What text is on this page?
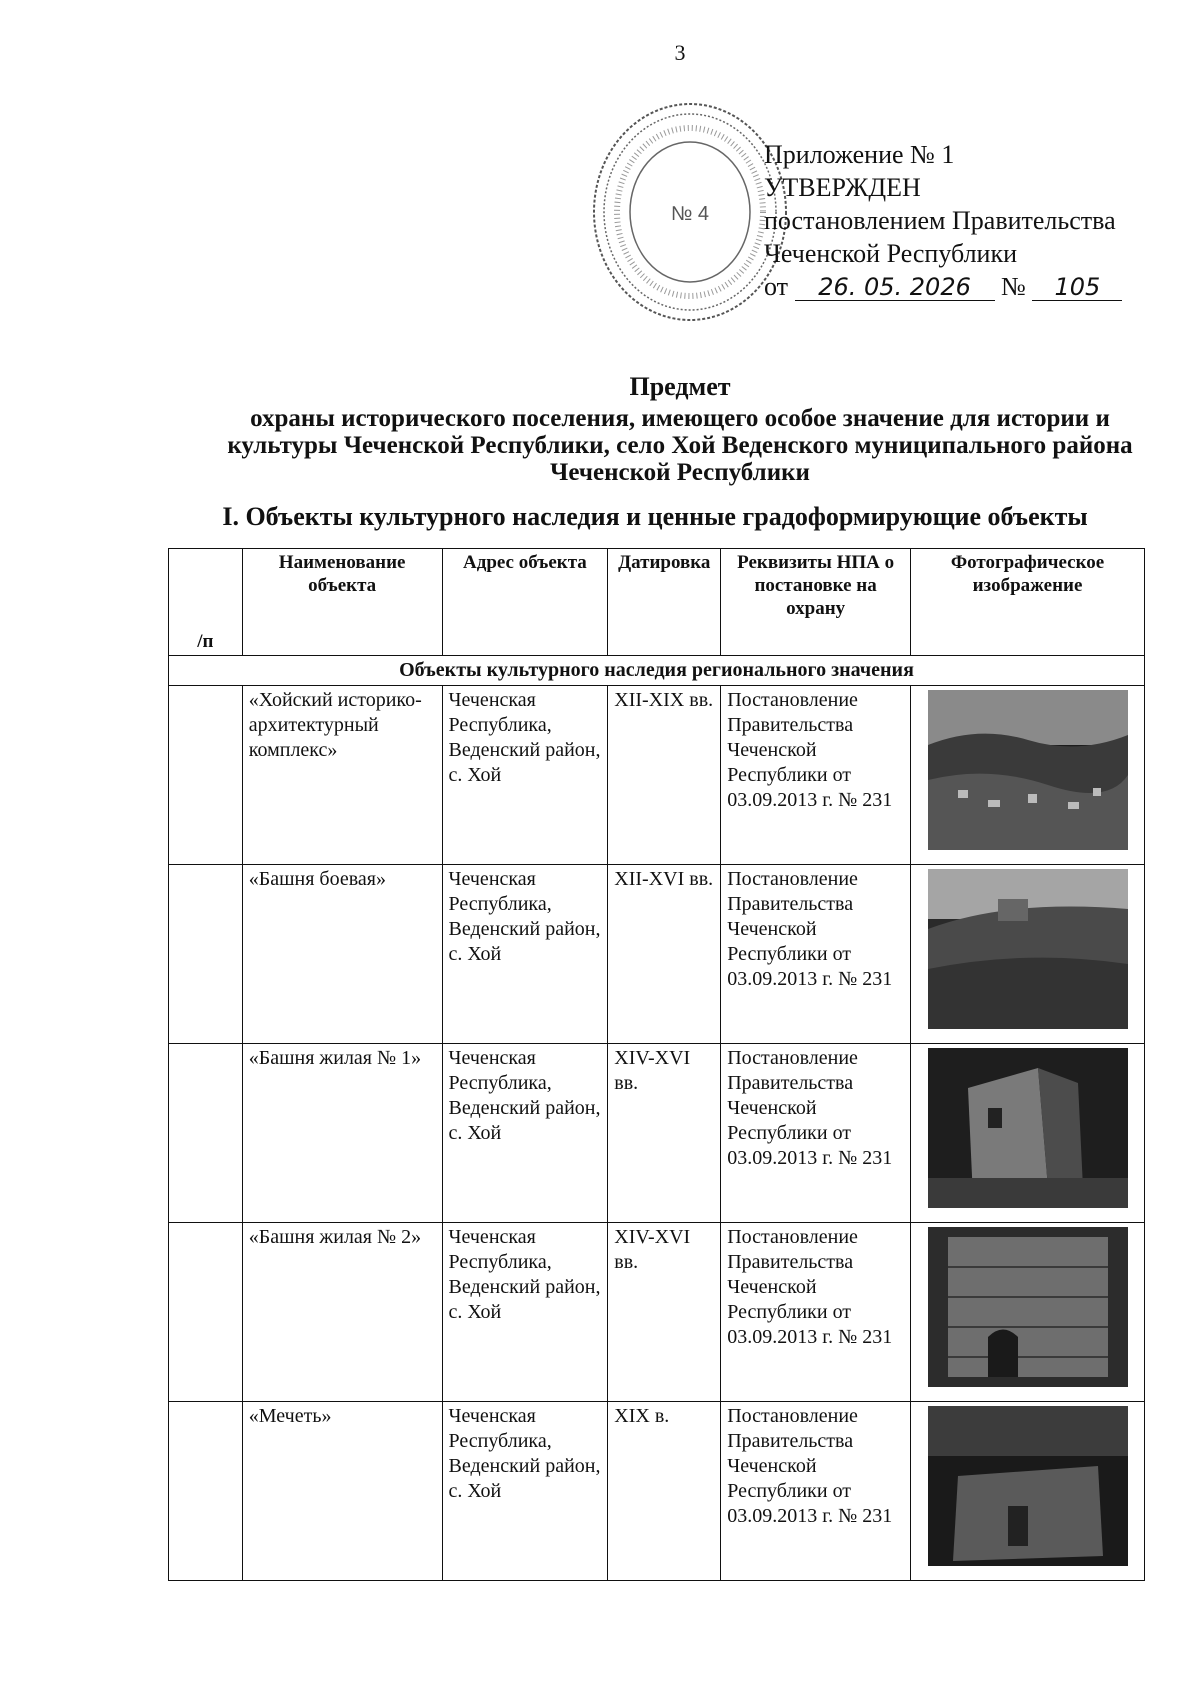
3
№ 4
Приложение № 1
УТВЕРЖДЕН
постановлением Правительства
Чеченской Республики
от 26. 05. 2026 № 105
Предмет
охраны исторического поселения, имеющего особое значение для истории и культуры Чеченской Республики, село Хой Веденского муниципального района Чеченской Республики
I. Объекты культурного наследия и ценные градоформирующие объекты
/п	Наименование объекта	Адрес объекта	Датировка	Реквизиты НПА о постановке на охрану	Фотографическое изображение
Объекты культурного наследия регионального значения					
	«Хойский историко-архитектурный комплекс»	Чеченская Республика, Веденский район, с. Хой	XII-XIX вв.	Постановление Правительства Чеченской Республики от 03.09.2013 г. № 231	

	«Башня боевая»	Чеченская Республика, Веденский район, с. Хой	XII-XVI вв.	Постановление Правительства Чеченской Республики от 03.09.2013 г. № 231	

	«Башня жилая № 1»	Чеченская Республика, Веденский район, с. Хой	XIV-XVI вв.	Постановление Правительства Чеченской Республики от 03.09.2013 г. № 231	

	«Башня жилая № 2»	Чеченская Республика, Веденский район, с. Хой	XIV-XVI вв.	Постановление Правительства Чеченской Республики от 03.09.2013 г. № 231	

	«Мечеть»	Чеченская Республика, Веденский район, с. Хой	XIX в.	Постановление Правительства Чеченской Республики от 03.09.2013 г. № 231	
